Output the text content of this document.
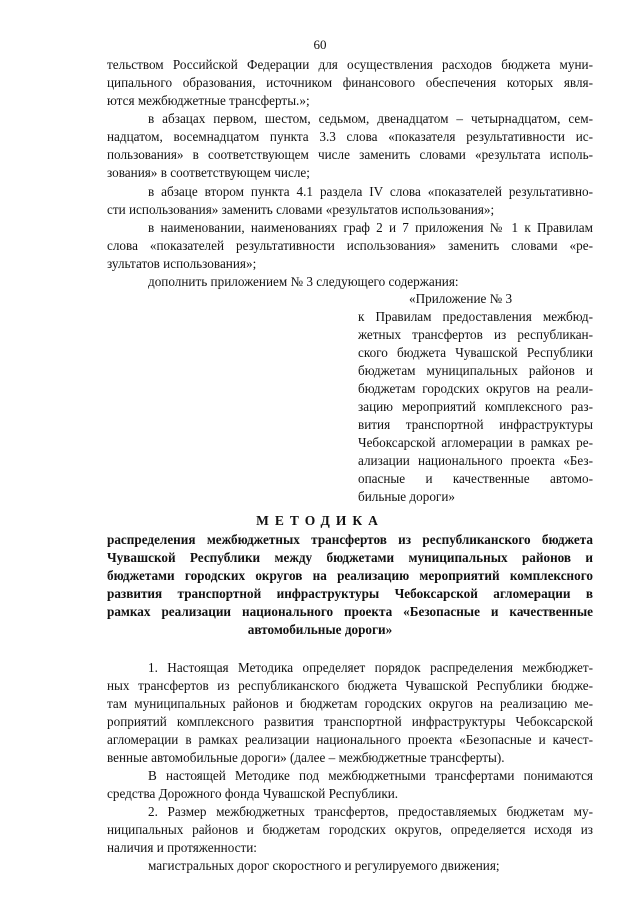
60
тельством Российской Федерации для осуществления расходов бюджета муни-
ципального образования, источником финансового обеспечения которых явля-
ются межбюджетные трансферты.»;
в абзацах первом, шестом, седьмом, двенадцатом – четырнадцатом, сем-
надцатом, восемнадцатом пункта 3.3 слова «показателя результативности ис-
пользования» в соответствующем числе заменить словами «результата исполь-
зования» в соответствующем числе;
в абзаце втором пункта 4.1 раздела IV слова «показателей результативно-
сти использования» заменить словами «результатов использования»;
в наименовании, наименованиях граф 2 и 7 приложения № 1 к Правилам
слова «показателей результативности использования» заменить словами «ре-
зультатов использования»;
дополнить приложением № 3 следующего содержания:
«Приложение № 3
к Правилам предоставления межбюд-
жетных трансфертов из республикан-
ского бюджета Чувашской Республики
бюджетам муниципальных районов и
бюджетам городских округов на реали-
зацию мероприятий комплексного раз-
вития транспортной инфраструктуры
Чебоксарской агломерации в рамках ре-
ализации национального проекта «Без-
опасные и качественные автомо-
бильные дороги»
МЕТОДИКА
распределения межбюджетных трансфертов из республиканского бюджета
Чувашской Республики между бюджетами муниципальных районов и
бюджетами городских округов на реализацию мероприятий комплексного
развития транспортной инфраструктуры Чебоксарской агломерации в
рамках реализации национального проекта «Безопасные и качественные
автомобильные дороги»
1. Настоящая Методика определяет порядок распределения межбюджет-
ных трансфертов из республиканского бюджета Чувашской Республики бюдже-
там муниципальных районов и бюджетам городских округов на реализацию ме-
роприятий комплексного развития транспортной инфраструктуры Чебоксарской
агломерации в рамках реализации национального проекта «Безопасные и качест-
венные автомобильные дороги» (далее – межбюджетные трансферты).
В настоящей Методике под межбюджетными трансфертами понимаются
средства Дорожного фонда Чувашской Республики.
2. Размер межбюджетных трансфертов, предоставляемых бюджетам му-
ниципальных районов и бюджетам городских округов, определяется исходя из
наличия и протяженности:
магистральных дорог скоростного и регулируемого движения;
